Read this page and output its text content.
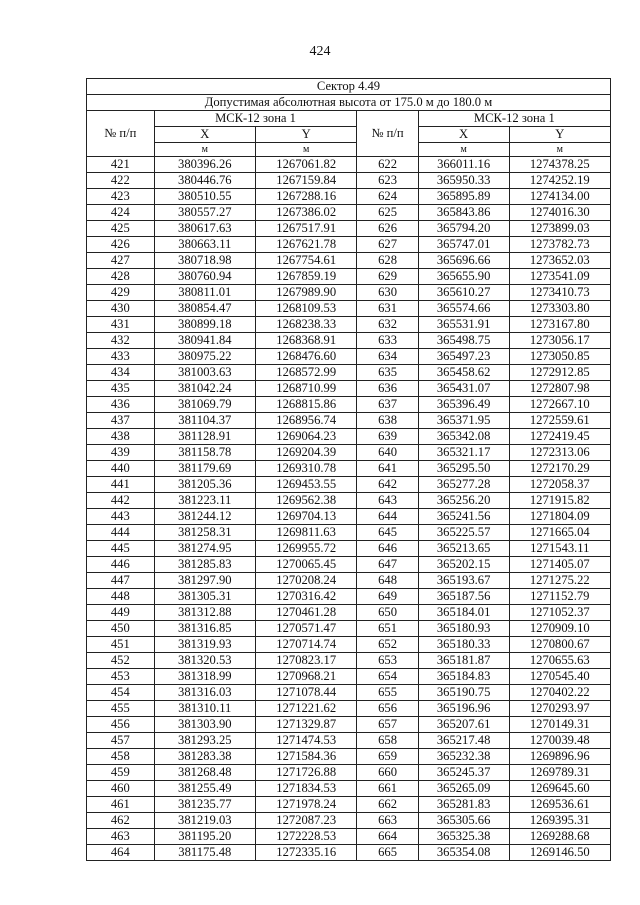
424
Сектор 4.49					
Допустимая абсолютная высота от 175.0 м до 180.0 м					
№ п/п	МСК-12 зона 1		№ п/п	МСК-12 зона 1	
	X	Y		X	Y
	м	м		м	м
421	380396.26	1267061.82	622	366011.16	1274378.25
422	380446.76	1267159.84	623	365950.33	1274252.19
423	380510.55	1267288.16	624	365895.89	1274134.00
424	380557.27	1267386.02	625	365843.86	1274016.30
425	380617.63	1267517.91	626	365794.20	1273899.03
426	380663.11	1267621.78	627	365747.01	1273782.73
427	380718.98	1267754.61	628	365696.66	1273652.03
428	380760.94	1267859.19	629	365655.90	1273541.09
429	380811.01	1267989.90	630	365610.27	1273410.73
430	380854.47	1268109.53	631	365574.66	1273303.80
431	380899.18	1268238.33	632	365531.91	1273167.80
432	380941.84	1268368.91	633	365498.75	1273056.17
433	380975.22	1268476.60	634	365497.23	1273050.85
434	381003.63	1268572.99	635	365458.62	1272912.85
435	381042.24	1268710.99	636	365431.07	1272807.98
436	381069.79	1268815.86	637	365396.49	1272667.10
437	381104.37	1268956.74	638	365371.95	1272559.61
438	381128.91	1269064.23	639	365342.08	1272419.45
439	381158.78	1269204.39	640	365321.17	1272313.06
440	381179.69	1269310.78	641	365295.50	1272170.29
441	381205.36	1269453.55	642	365277.28	1272058.37
442	381223.11	1269562.38	643	365256.20	1271915.82
443	381244.12	1269704.13	644	365241.56	1271804.09
444	381258.31	1269811.63	645	365225.57	1271665.04
445	381274.95	1269955.72	646	365213.65	1271543.11
446	381285.83	1270065.45	647	365202.15	1271405.07
447	381297.90	1270208.24	648	365193.67	1271275.22
448	381305.31	1270316.42	649	365187.56	1271152.79
449	381312.88	1270461.28	650	365184.01	1271052.37
450	381316.85	1270571.47	651	365180.93	1270909.10
451	381319.93	1270714.74	652	365180.33	1270800.67
452	381320.53	1270823.17	653	365181.87	1270655.63
453	381318.99	1270968.21	654	365184.83	1270545.40
454	381316.03	1271078.44	655	365190.75	1270402.22
455	381310.11	1271221.62	656	365196.96	1270293.97
456	381303.90	1271329.87	657	365207.61	1270149.31
457	381293.25	1271474.53	658	365217.48	1270039.48
458	381283.38	1271584.36	659	365232.38	1269896.96
459	381268.48	1271726.88	660	365245.37	1269789.31
460	381255.49	1271834.53	661	365265.09	1269645.60
461	381235.77	1271978.24	662	365281.83	1269536.61
462	381219.03	1272087.23	663	365305.66	1269395.31
463	381195.20	1272228.53	664	365325.38	1269288.68
464	381175.48	1272335.16	665	365354.08	1269146.50
